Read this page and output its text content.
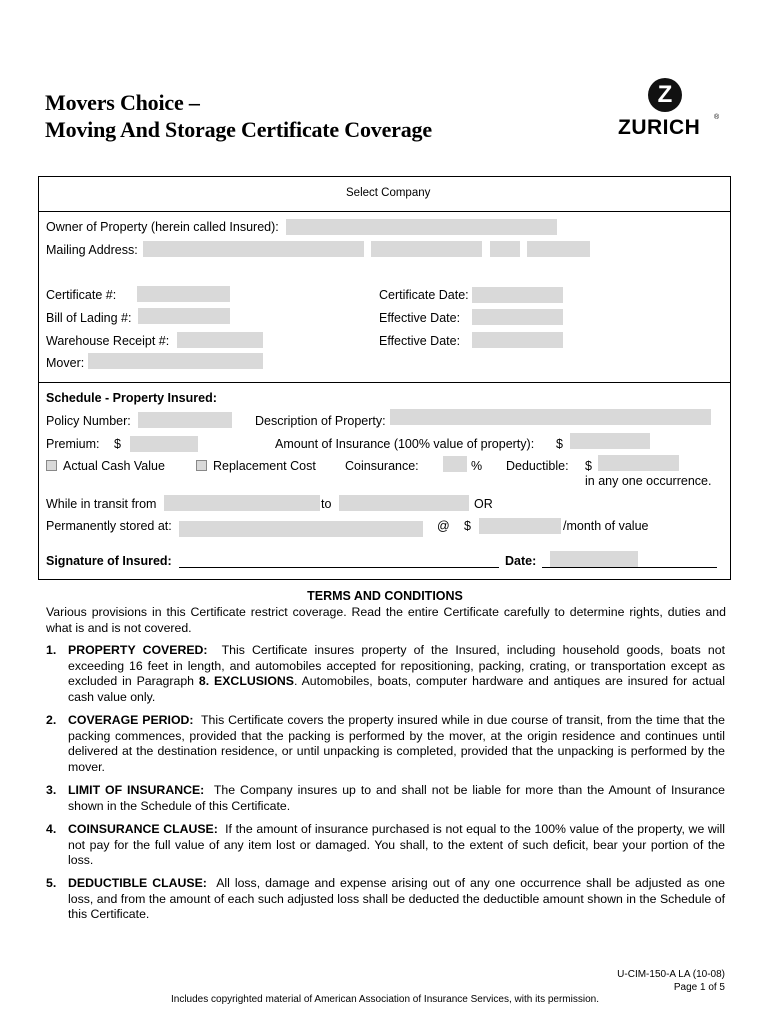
Movers Choice –
Moving And Storage Certificate Coverage
Z
ZURICH ®
Select Company
Owner of Property (herein called Insured):
Mailing Address:
Certificate #:	Certificate Date:
Bill of Lading #:	Effective Date:
Warehouse Receipt #:	Effective Date:
Mover:
Schedule - Property Insured:
Policy Number:	Description of Property:
Premium: $	Amount of Insurance (100% value of property): $
Actual Cash Value	Replacement Cost Coinsurance:	% Deductible: $
in any one occurrence.
While in transit from	to	OR
Permanently stored at:	@ $	/month of value
Signature of Insured:	Date:
TERMS AND CONDITIONS
Various provisions in this Certificate restrict coverage. Read the entire Certificate carefully to determine rights, duties and what is and is not covered.
1. PROPERTY COVERED: This Certificate insures property of the Insured, including household goods, boats not exceeding 16 feet in length, and automobiles accepted for repositioning, packing, crating, or transportation except as excluded in Paragraph 8. EXCLUSIONS. Automobiles, boats, computer hardware and antiques are insured for actual cash value only.
2. COVERAGE PERIOD: This Certificate covers the property insured while in due course of transit, from the time that the packing commences, provided that the packing is performed by the mover, at the origin residence and continues until delivered at the destination residence, or until unpacking is completed, provided that the unpacking is performed by the mover.
3. LIMIT OF INSURANCE: The Company insures up to and shall not be liable for more than the Amount of Insurance shown in the Schedule of this Certificate.
4. COINSURANCE CLAUSE: If the amount of insurance purchased is not equal to the 100% value of the property, we will not pay for the full value of any item lost or damaged. You shall, to the extent of such deficit, bear your portion of the loss.
5. DEDUCTIBLE CLAUSE: All loss, damage and expense arising out of any one occurrence shall be adjusted as one loss, and from the amount of each such adjusted loss shall be deducted the deductible amount shown in the Schedule of this Certificate.
U-CIM-150-A LA (10-08)
Page 1 of 5
Includes copyrighted material of American Association of Insurance Services, with its permission.
